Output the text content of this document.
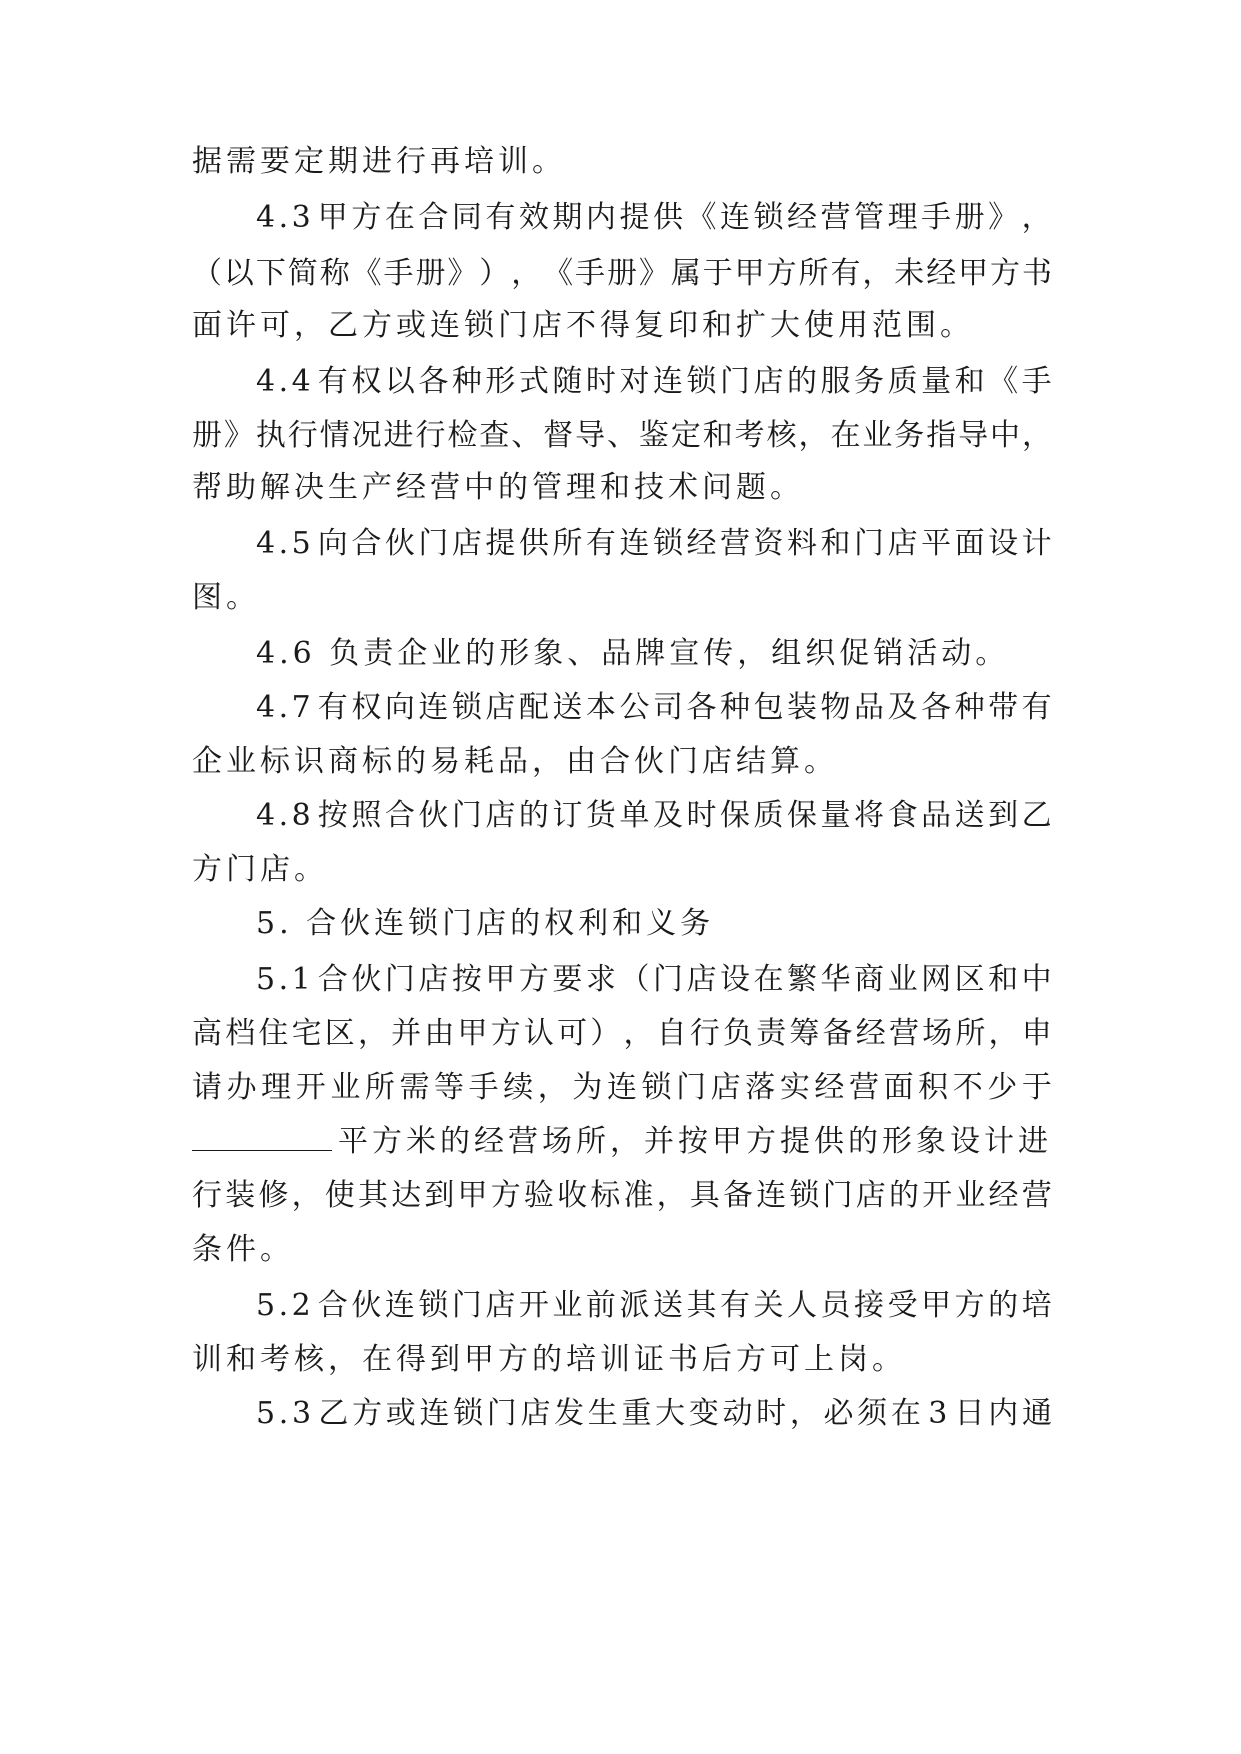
据需要定期进行再培训。
4 . 3 甲 方 在 合 同 有 效 期 内 提 供 《 连 锁 经 营 管 理 手 册 》 ，
（ 以 下 简 称 《 手 册 》 ） ， 《 手 册 》 属 于 甲 方 所 有 ， 未 经 甲 方 书
面许可，乙方或连锁门店不得复印和扩大使用范围。
4 . 4 有 权 以 各 种 形 式 随 时 对 连 锁 门 店 的 服 务 质 量 和 《 手
册 》 执 行 情 况 进 行 检 查 、 督 导 、 鉴 定 和 考 核 ， 在 业 务 指 导 中 ，
帮助解决生产经营中的管理和技术问题。
4 . 5 向 合 伙 门 店 提 供 所 有 连 锁 经 营 资 料 和 门 店 平 面 设 计
图。
4.6 负责企业的形象、品牌宣传，组织促销活动。
4 . 7 有 权 向 连 锁 店 配 送 本 公 司 各 种 包 装 物 品 及 各 种 带 有
企业标识商标的易耗品，由合伙门店结算。
4 . 8 按 照 合 伙 门 店 的 订 货 单 及 时 保 质 保 量 将 食 品 送 到 乙
方门店。
5. 合伙连锁门店的权利和义务
5 . 1 合 伙 门 店 按 甲 方 要 求 （ 门 店 设 在 繁 华 商 业 网 区 和 中
高 档 住 宅 区 ， 并 由 甲 方 认 可 ） ， 自 行 负 责 筹 备 经 营 场 所 ， 申
请 办 理 开 业 所 需 等 手 续 ， 为 连 锁 门 店 落 实 经 营 面 积 不 少 于
平方米的经营场所，并按甲方提供的形象设计进
行 装 修 ， 使 其 达 到 甲 方 验 收 标 准 ， 具 备 连 锁 门 店 的 开 业 经 营
条件。
5 . 2 合 伙 连 锁 门 店 开 业 前 派 送 其 有 关 人 员 接 受 甲 方 的 培
训和考核，在得到甲方的培训证书后方可上岗。
5 . 3 乙 方 或 连 锁 门 店 发 生 重 大 变 动 时 ， 必 须 在 3 日 内 通
